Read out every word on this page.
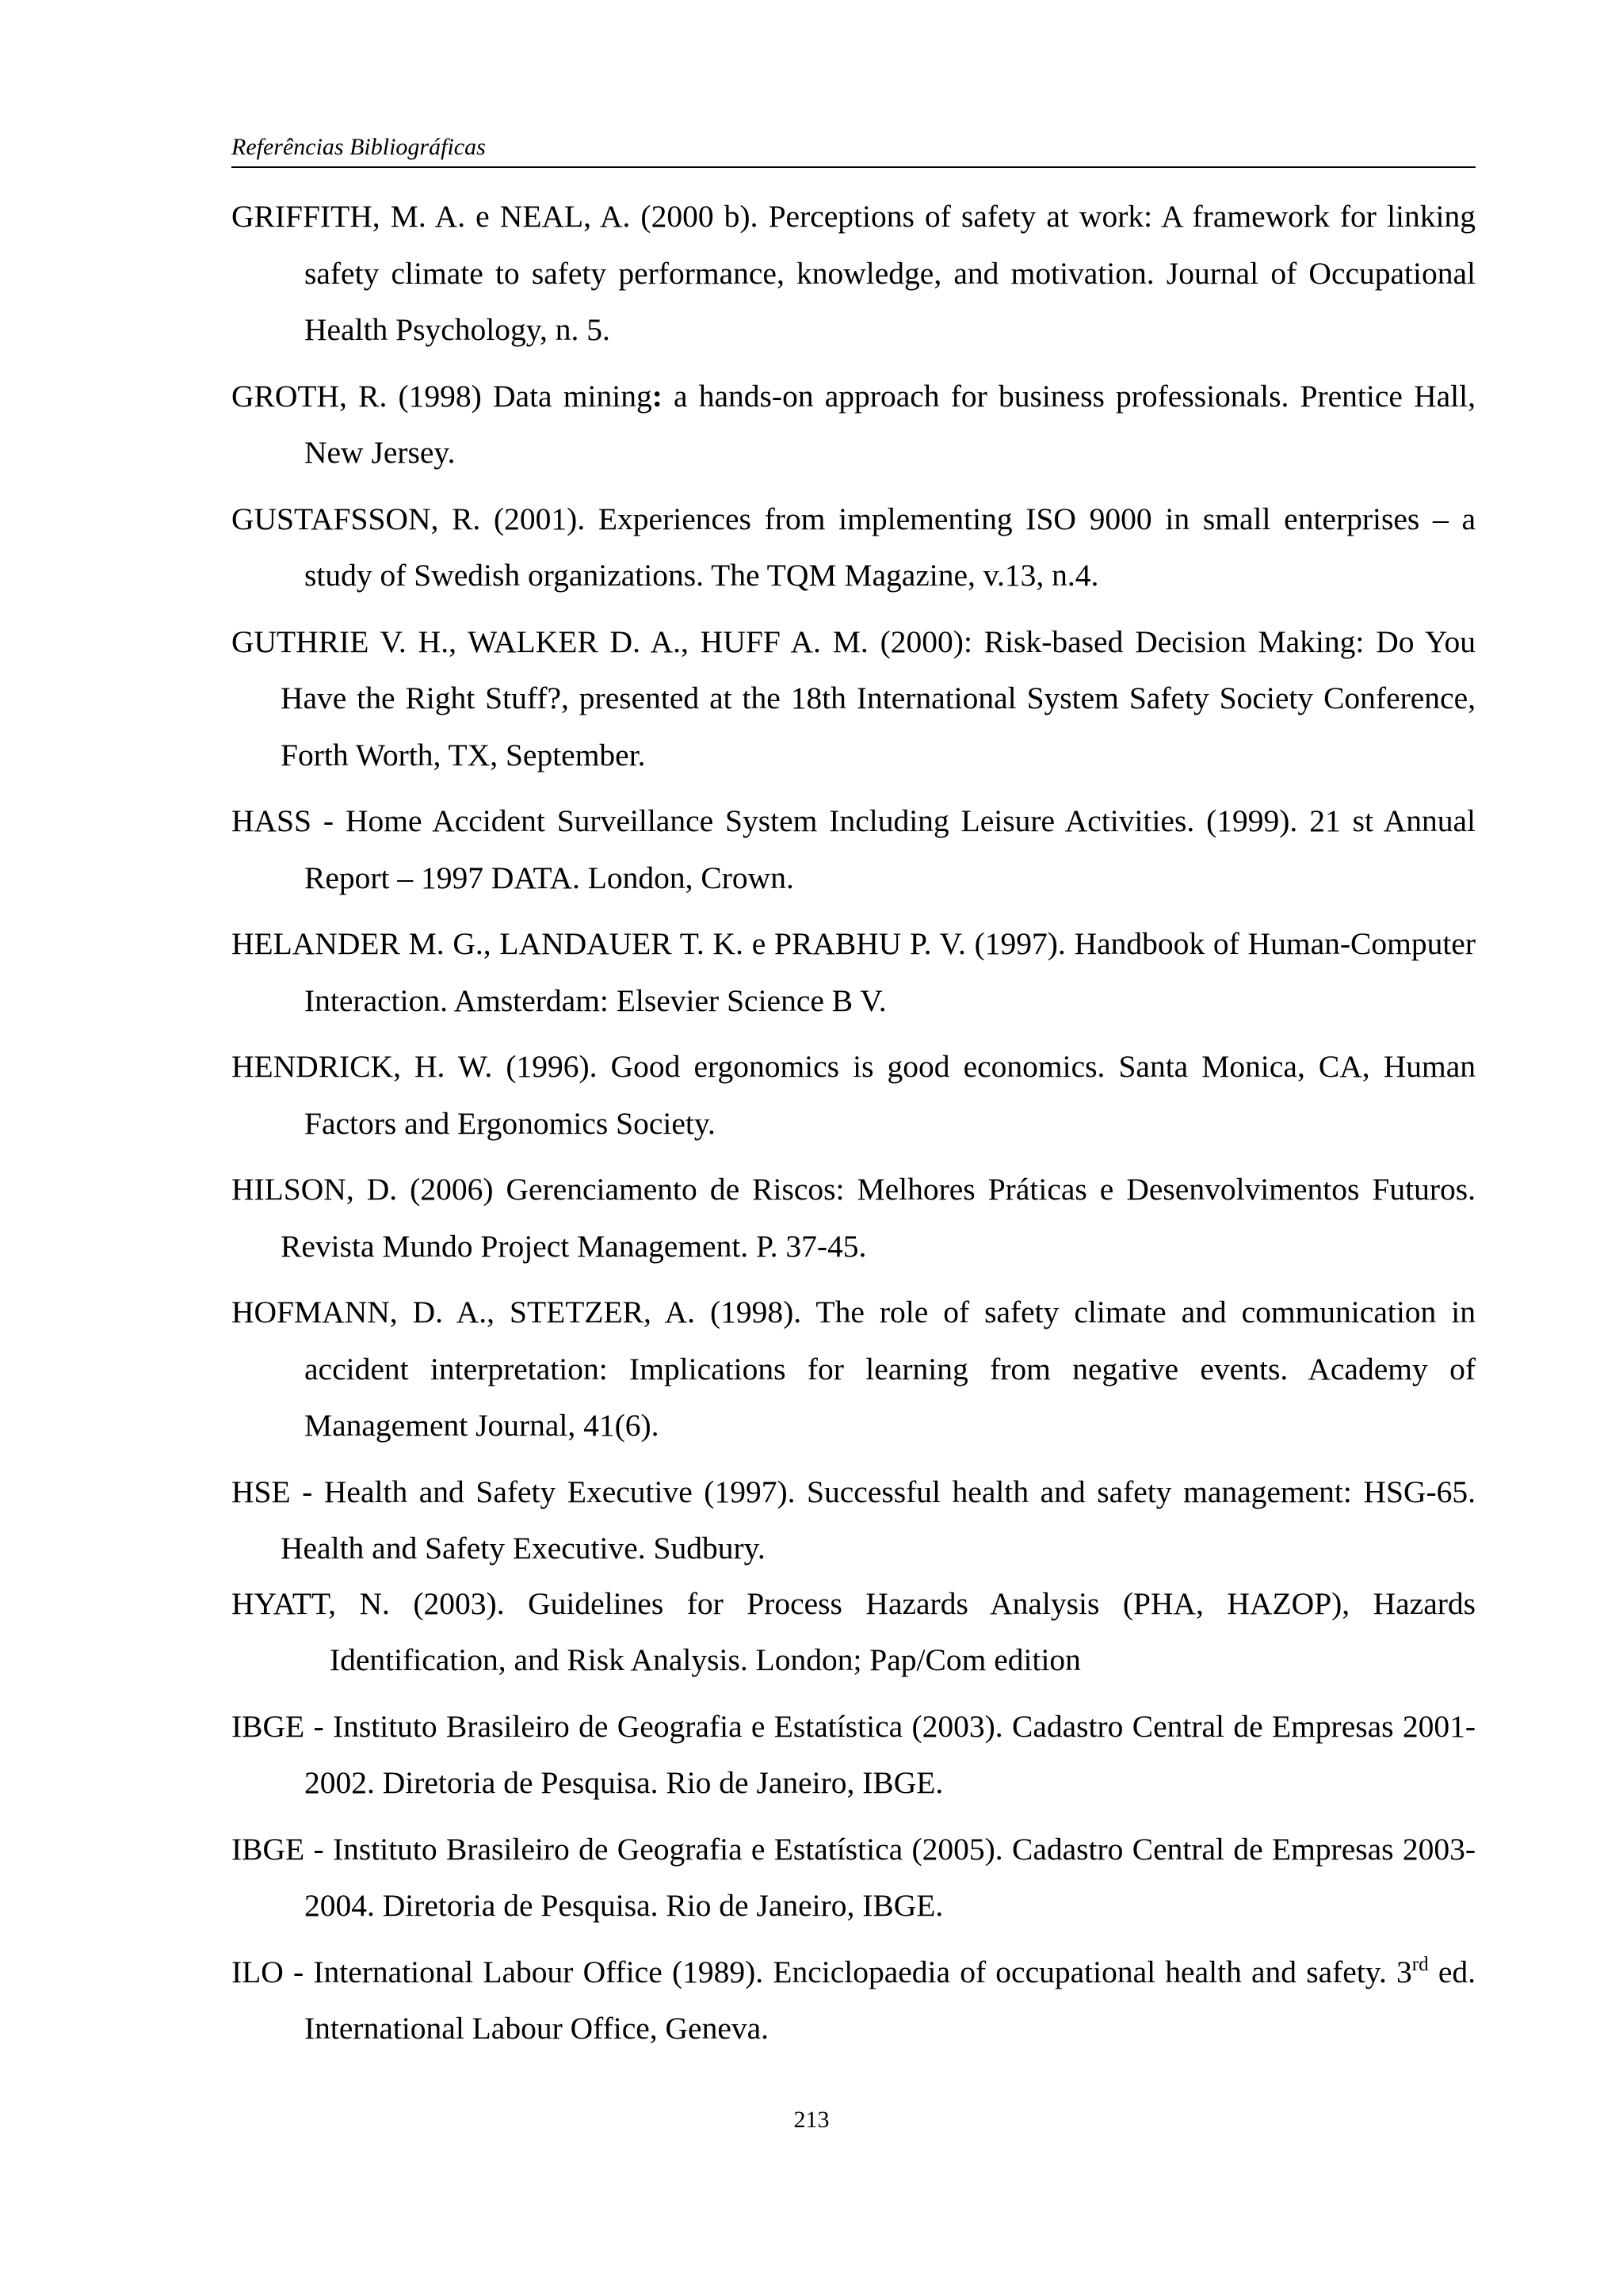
Referências Bibliográficas
GRIFFITH, M. A. e NEAL, A. (2000 b). Perceptions of safety at work: A framework for linking safety climate to safety performance, knowledge, and motivation. Journal of Occupational Health Psychology, n. 5.
GROTH, R. (1998) Data mining: a hands-on approach for business professionals. Prentice Hall, New Jersey.
GUSTAFSSON, R. (2001). Experiences from implementing ISO 9000 in small enterprises – a study of Swedish organizations. The TQM Magazine, v.13, n.4.
GUTHRIE V. H., WALKER D. A., HUFF A. M. (2000): Risk-based Decision Making: Do You Have the Right Stuff?, presented at the 18th International System Safety Society Conference, Forth Worth, TX, September.
HASS - Home Accident Surveillance System Including Leisure Activities. (1999). 21 st Annual Report – 1997 DATA. London, Crown.
HELANDER M. G., LANDAUER T. K. e PRABHU P. V. (1997). Handbook of Human-Computer Interaction. Amsterdam: Elsevier Science B V.
HENDRICK, H. W. (1996). Good ergonomics is good economics. Santa Monica, CA, Human Factors and Ergonomics Society.
HILSON, D. (2006) Gerenciamento de Riscos: Melhores Práticas e Desenvolvimentos Futuros. Revista Mundo Project Management. P. 37-45.
HOFMANN, D. A., STETZER, A. (1998). The role of safety climate and communication in accident interpretation: Implications for learning from negative events. Academy of Management Journal, 41(6).
HSE - Health and Safety Executive (1997). Successful health and safety management: HSG-65. Health and Safety Executive. Sudbury.
HYATT, N. (2003). Guidelines for Process Hazards Analysis (PHA, HAZOP), Hazards Identification, and Risk Analysis. London; Pap/Com edition
IBGE - Instituto Brasileiro de Geografia e Estatística (2003). Cadastro Central de Empresas 2001-2002. Diretoria de Pesquisa. Rio de Janeiro, IBGE.
IBGE - Instituto Brasileiro de Geografia e Estatística (2005). Cadastro Central de Empresas 2003-2004. Diretoria de Pesquisa. Rio de Janeiro, IBGE.
ILO - International Labour Office (1989). Enciclopaedia of occupational health and safety. 3rd ed. International Labour Office, Geneva.
213
